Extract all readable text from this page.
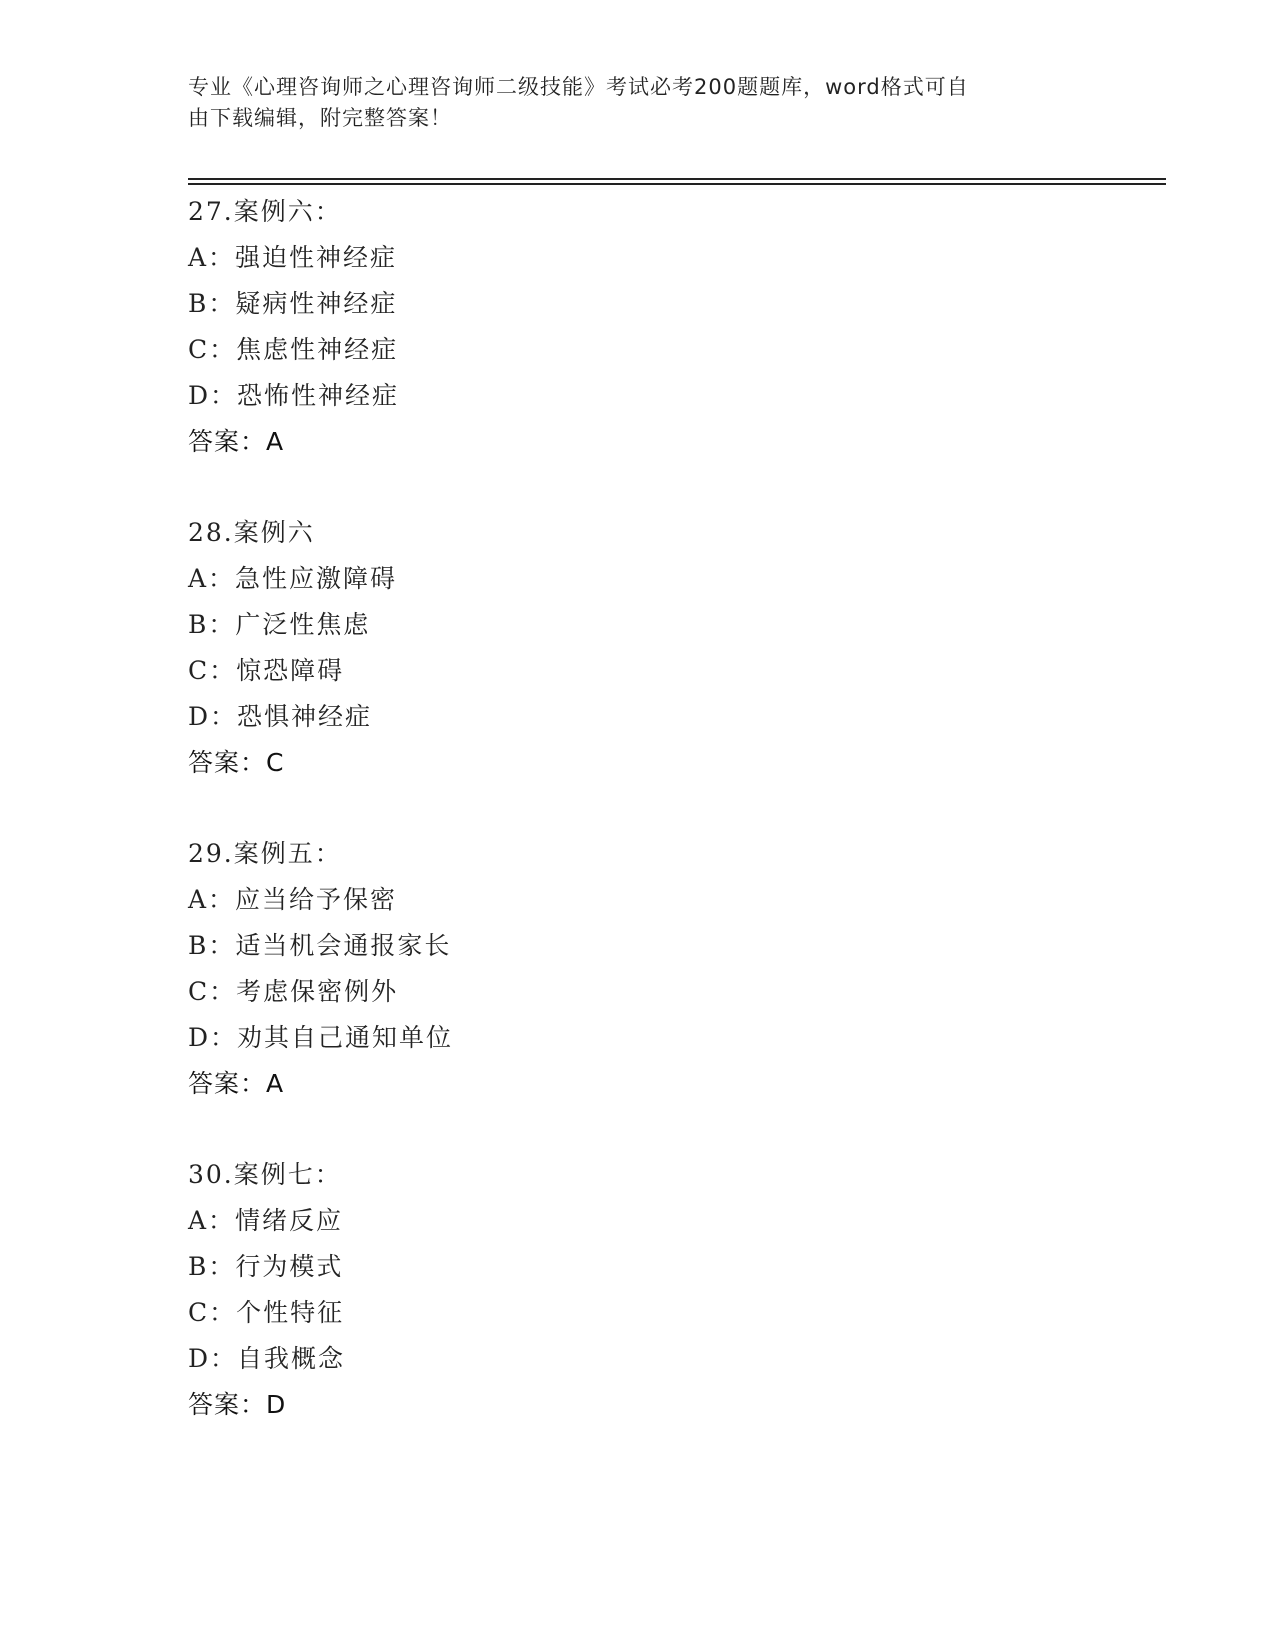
专业《心理咨询师之心理咨询师二级技能》考试必考200题题库，word格式可自
由下载编辑，附完整答案！
27.案例六：
A：强迫性神经症
B：疑病性神经症
C：焦虑性神经症
D：恐怖性神经症
答案：A
28.案例六
A：急性应激障碍
B：广泛性焦虑
C：惊恐障碍
D：恐惧神经症
答案：C
29.案例五：
A：应当给予保密
B：适当机会通报家长
C：考虑保密例外
D：劝其自己通知单位
答案：A
30.案例七：
A：情绪反应
B：行为模式
C：个性特征
D：自我概念
答案：D
